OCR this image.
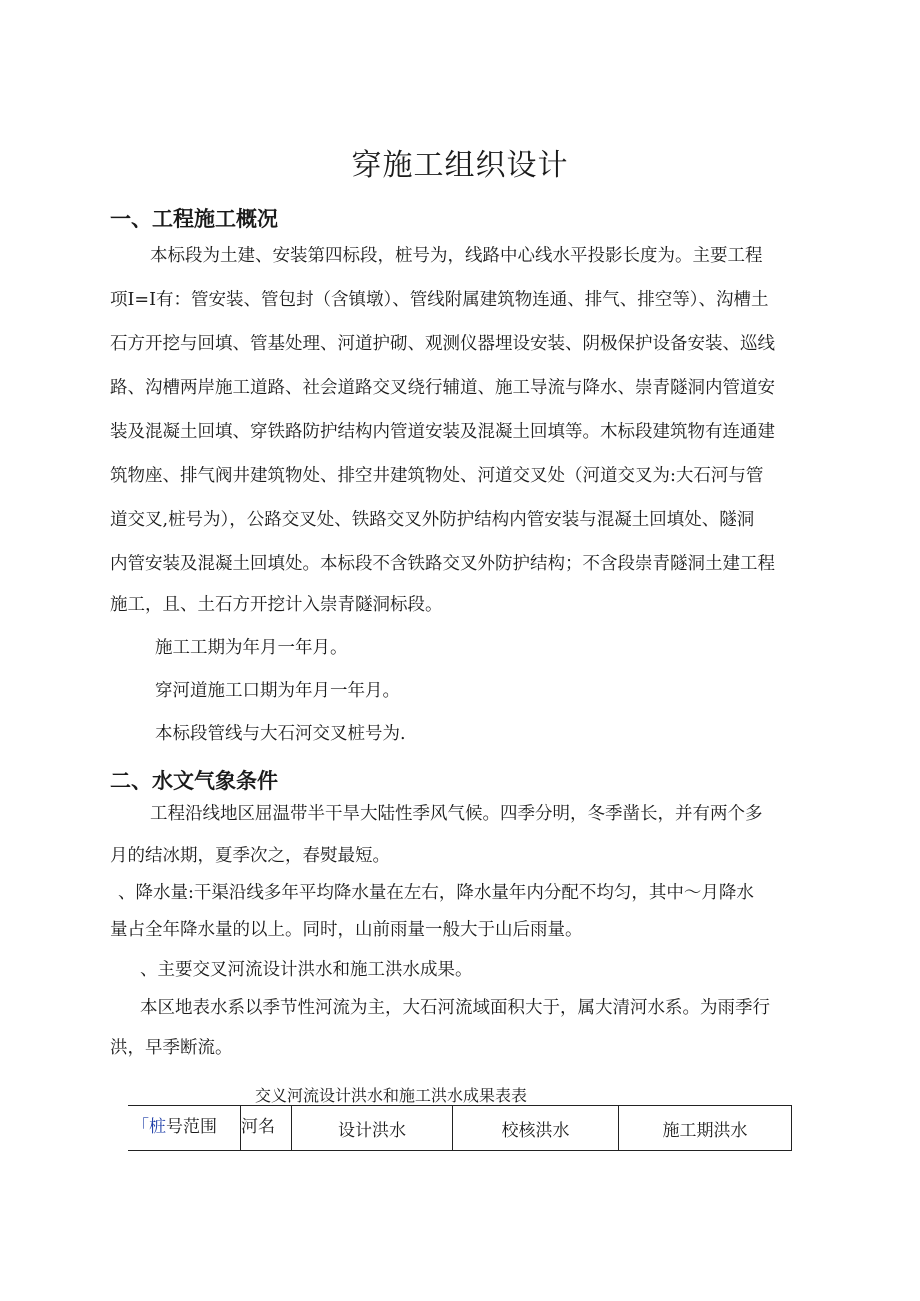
穿施工组织设计
一、工程施工概况
本标段为土建、安装第四标段，桩号为，线路中心线水平投影长度为。主要工程
项I=I有：管安装、管包封（含镇墩）、管线附属建筑物连通、排气、排空等）、沟槽土
石方开挖与回填、管基处理、河道护砌、观测仪器埋设安装、阴极保护设备安装、巡线
路、沟槽两岸施工道路、社会道路交叉绕行辅道、施工导流与降水、崇青隧洞内管道安
装及混凝土回填、穿铁路防护结构内管道安装及混凝土回填等。木标段建筑物有连通建
筑物座、排气阀井建筑物处、排空井建筑物处、河道交叉处（河道交叉为:大石河与管
道交叉,桩号为），公路交叉处、铁路交叉外防护结构内管安装与混凝土回填处、隧洞
内管安装及混凝土回填处。本标段不含铁路交叉外防护结构；不含段崇青隧洞土建工程
施工，且、土石方开挖计入崇青隧洞标段。
施工工期为年月一年月。
穿河道施工口期为年月一年月。
本标段管线与大石河交叉桩号为.
二、水文气象条件
工程沿线地区屈温带半干旱大陆性季风气候。四季分明，冬季凿长，并有两个多
月的结冰期，夏季次之，春熨最短。
、降水量:干渠沿线多年平均降水量在左右，降水量年内分配不均匀，其中～月降水
量占全年降水量的以上。同时，山前雨量一般大于山后雨量。
、主要交叉河流设计洪水和施工洪水成果。
本区地表水系以季节性河流为主，大石河流域面积大于，属大清河水系。为雨季行
洪，早季断流。
交义河流设计洪水和施工洪水成果表表
「桩号范围	河名	设计洪水	校核洪水	施工期洪水
